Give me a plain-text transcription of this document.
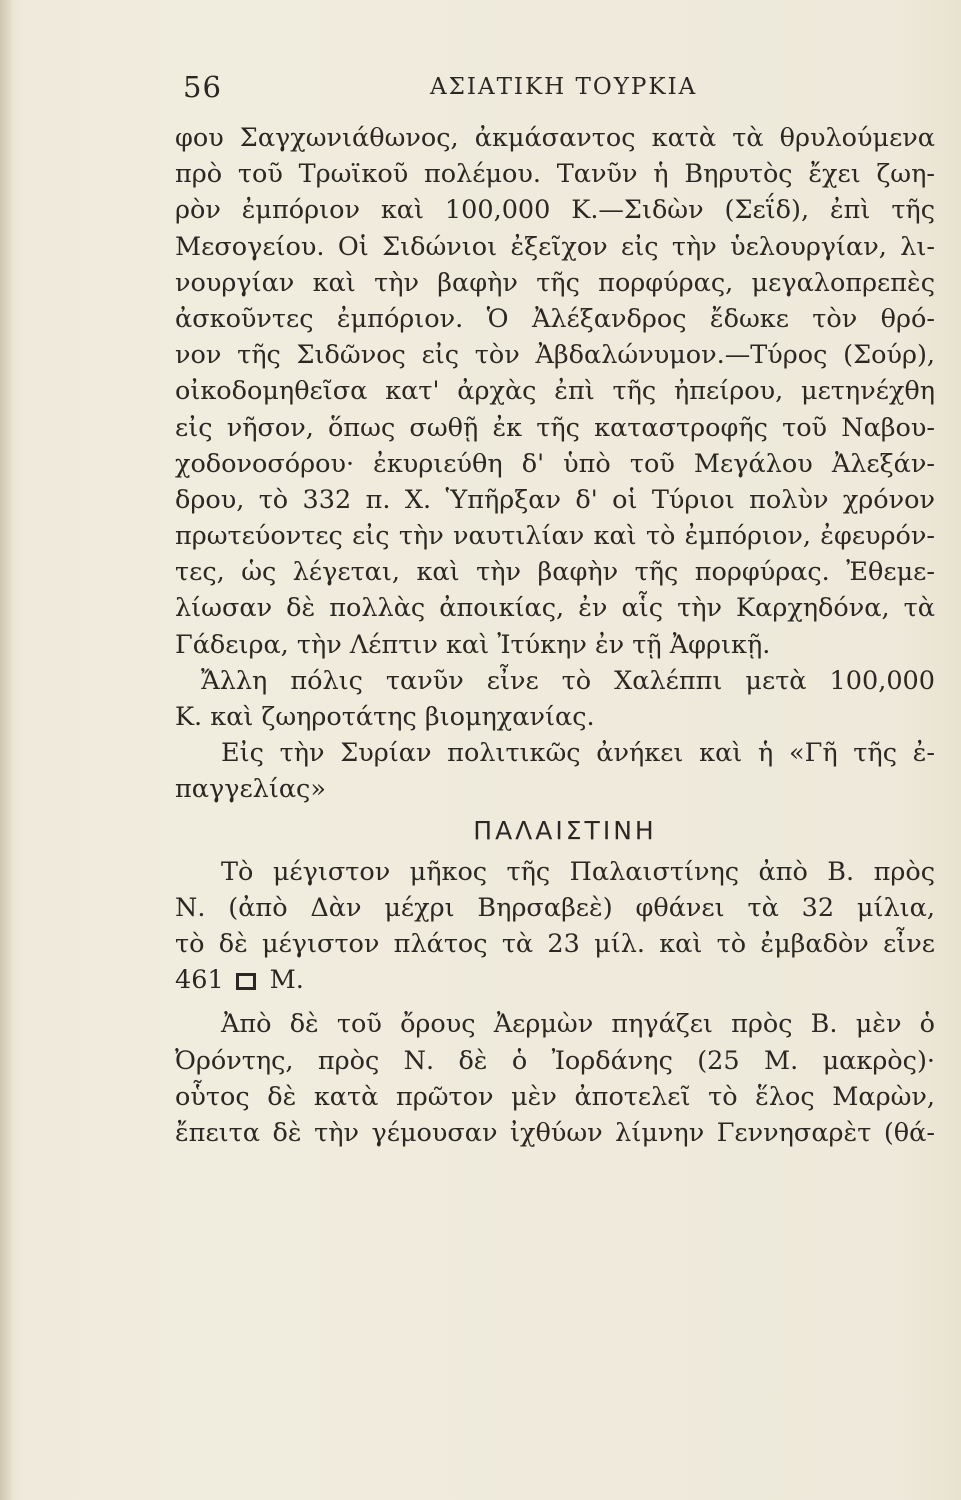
56	ΑΣΙΑΤΙΚΗ ΤΟΥΡΚΙΑ
φου Σαγχωνιάθωνος, ἀκμάσαντος κατὰ τὰ θρυλούμενα
πρὸ τοῦ Τρωϊκοῦ πολέμου. Τανῦν ἡ Βηρυτὸς ἔχει ζωη-
ρὸν ἐμπόριον καὶ 100,000 Κ.—Σιδὼν (Σεΐδ), ἐπὶ τῆς
Μεσογείου. Οἱ Σιδώνιοι ἐξεῖχον εἰς τὴν ὑελουργίαν, λι-
νουργίαν καὶ τὴν βαφὴν τῆς πορφύρας, μεγαλοπρεπὲς
ἀσκοῦντες ἐμπόριον. Ὁ Ἀλέξανδρος ἔδωκε τὸν θρό-
νον τῆς Σιδῶνος εἰς τὸν Ἀβδαλώνυμον.—Τύρος (Σούρ),
οἰκοδομηθεῖσα κατ' ἀρχὰς ἐπὶ τῆς ἠπείρου, μετηνέχθη
εἰς νῆσον, ὅπως σωθῇ ἐκ τῆς καταστροφῆς τοῦ Ναβου-
χοδονοσόρου· ἐκυριεύθη δ' ὑπὸ τοῦ Μεγάλου Ἀλεξάν-
δρου, τὸ 332 π. Χ. Ὑπῆρξαν δ' οἱ Τύριοι πολὺν χρόνον
πρωτεύοντες εἰς τὴν ναυτιλίαν καὶ τὸ ἐμπόριον, ἐφευρόν-
τες, ὡς λέγεται, καὶ τὴν βαφὴν τῆς πορφύρας. Ἐθεμε-
λίωσαν δὲ πολλὰς ἀποικίας, ἐν αἷς τὴν Καρχηδόνα, τὰ
Γάδειρα, τὴν Λέπτιν καὶ Ἰτύκην ἐν τῇ Ἀφρικῇ.
Ἄλλη πόλις τανῦν εἶνε τὸ Χαλέππι μετὰ 100,000
Κ. καὶ ζωηροτάτης βιομηχανίας.
Εἰς τὴν Συρίαν πολιτικῶς ἀνήκει καὶ ἡ «Γῆ τῆς ἐ-
παγγελίας»
ΠΑΛΑΙΣΤΙΝΗ
Τὸ μέγιστον μῆκος τῆς Παλαιστίνης ἀπὸ Β. πρὸς
Ν. (ἀπὸ Δὰν μέχρι Βηρσαβεὲ) φθάνει τὰ 32 μίλια,
τὸ δὲ μέγιστον πλάτος τὰ 23 μίλ. καὶ τὸ ἐμβαδὸν εἶνε
461 Μ.
Ἀπὸ δὲ τοῦ ὄρους Ἀερμὼν πηγάζει πρὸς Β. μὲν ὁ
Ὀρόντης, πρὸς Ν. δὲ ὁ Ἰορδάνης (25 Μ. μακρὸς)·
οὗτος δὲ κατὰ πρῶτον μὲν ἀποτελεῖ τὸ ἕλος Μαρὼν,
ἔπειτα δὲ τὴν γέμουσαν ἰχθύων λίμνην Γεννησαρὲτ (θά-
